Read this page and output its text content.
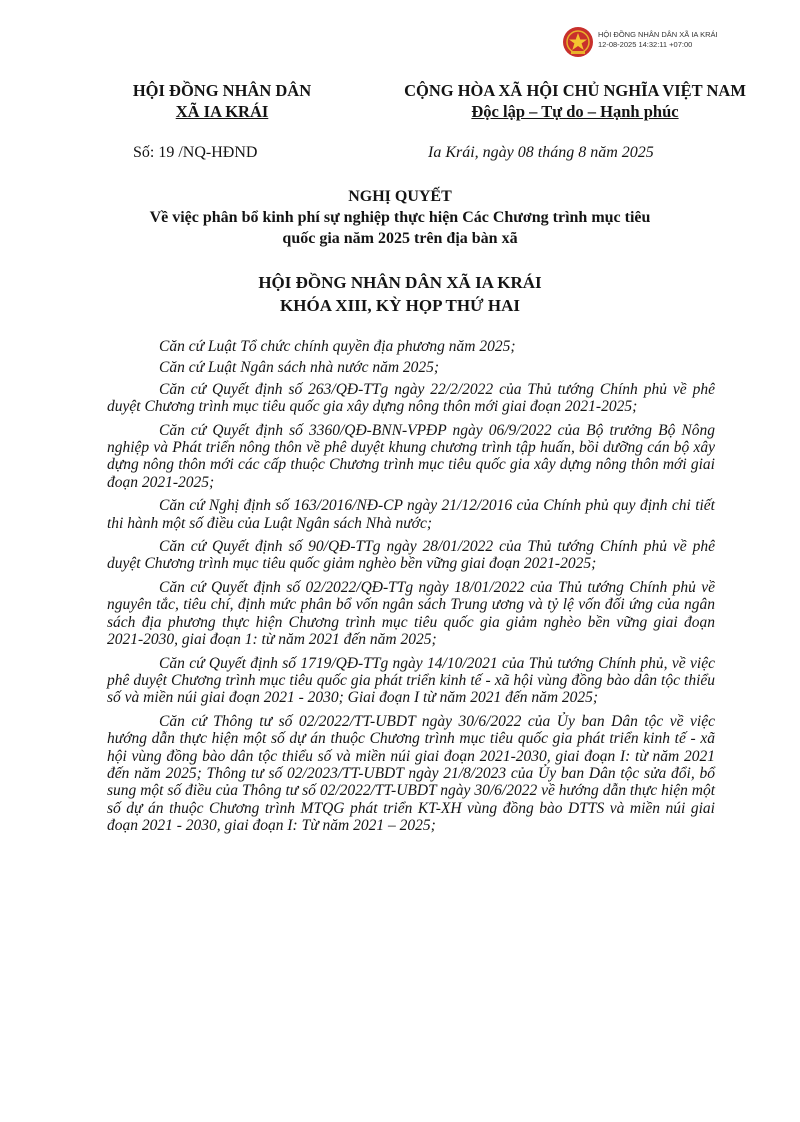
HỘI ĐỒNG NHÂN DÂN XÃ IA KRÁI
12-08-2025 14:32:11 +07:00
HỘI ĐỒNG NHÂN DÂN
XÃ IA KRÁI
CỘNG HÒA XÃ HỘI CHỦ NGHĨA VIỆT NAM
Độc lập – Tự do – Hạnh phúc
Số: 19 /NQ-HĐND	Ia Krái, ngày 08 tháng 8 năm 2025
NGHỊ QUYẾT
Về việc phân bổ kinh phí sự nghiệp thực hiện Các Chương trình mục tiêu
quốc gia năm 2025 trên địa bàn xã
HỘI ĐỒNG NHÂN DÂN XÃ IA KRÁI
KHÓA XIII, KỲ HỌP THỨ HAI

Căn cứ Luật Tổ chức chính quyền địa phương năm 2025;

Căn cứ Luật Ngân sách nhà nước năm 2025;

Căn cứ Quyết định số 263/QĐ-TTg ngày 22/2/2022 của Thủ tướng Chính phủ về phê duyệt Chương trình mục tiêu quốc gia xây dựng nông thôn mới giai đoạn 2021-2025;

Căn cứ Quyết định số 3360/QĐ-BNN-VPĐP ngày 06/9/2022 của Bộ trưởng Bộ Nông nghiệp và Phát triển nông thôn về phê duyệt khung chương trình tập huấn, bồi dưỡng cán bộ xây dựng nông thôn mới các cấp thuộc Chương trình mục tiêu quốc gia xây dựng nông thôn mới giai đoạn 2021-2025;

Căn cứ Nghị định số 163/2016/NĐ-CP ngày 21/12/2016 của Chính phủ quy định chi tiết thi hành một số điều của Luật Ngân sách Nhà nước;

Căn cứ Quyết định số 90/QĐ-TTg ngày 28/01/2022 của Thủ tướng Chính phủ về phê duyệt Chương trình mục tiêu quốc giảm nghèo bền vững giai đoạn 2021-2025;

Căn cứ Quyết định số 02/2022/QĐ-TTg ngày 18/01/2022 của Thủ tướng Chính phủ về nguyên tắc, tiêu chí, định mức phân bổ vốn ngân sách Trung ương và tỷ lệ vốn đối ứng của ngân sách địa phương thực hiện Chương trình mục tiêu quốc gia giảm nghèo bền vững giai đoạn 2021-2030, giai đoạn 1: từ năm 2021 đến năm 2025;

Căn cứ Quyết định số 1719/QĐ-TTg ngày 14/10/2021 của Thủ tướng Chính phủ, về việc phê duyệt Chương trình mục tiêu quốc gia phát triển kinh tế - xã hội vùng đồng bào dân tộc thiểu số và miền núi giai đoạn 2021 - 2030; Giai đoạn I từ năm 2021 đến năm 2025;

Căn cứ Thông tư số 02/2022/TT-UBDT ngày 30/6/2022 của Ủy ban Dân tộc về việc hướng dẫn thực hiện một số dự án thuộc Chương trình mục tiêu quốc gia phát triển kinh tế - xã hội vùng đồng bào dân tộc thiểu số và miền núi giai đoạn 2021-2030, giai đoạn I: từ năm 2021 đến năm 2025; Thông tư số 02/2023/TT-UBDT ngày 21/8/2023 của Ủy ban Dân tộc sửa đổi, bổ sung một số điều của Thông tư số 02/2022/TT-UBDT ngày 30/6/2022 về hướng dẫn thực hiện một số dự án thuộc Chương trình MTQG phát triển KT-XH vùng đồng bào DTTS và miền núi giai đoạn 2021 - 2030, giai đoạn I: Từ năm 2021 – 2025;
